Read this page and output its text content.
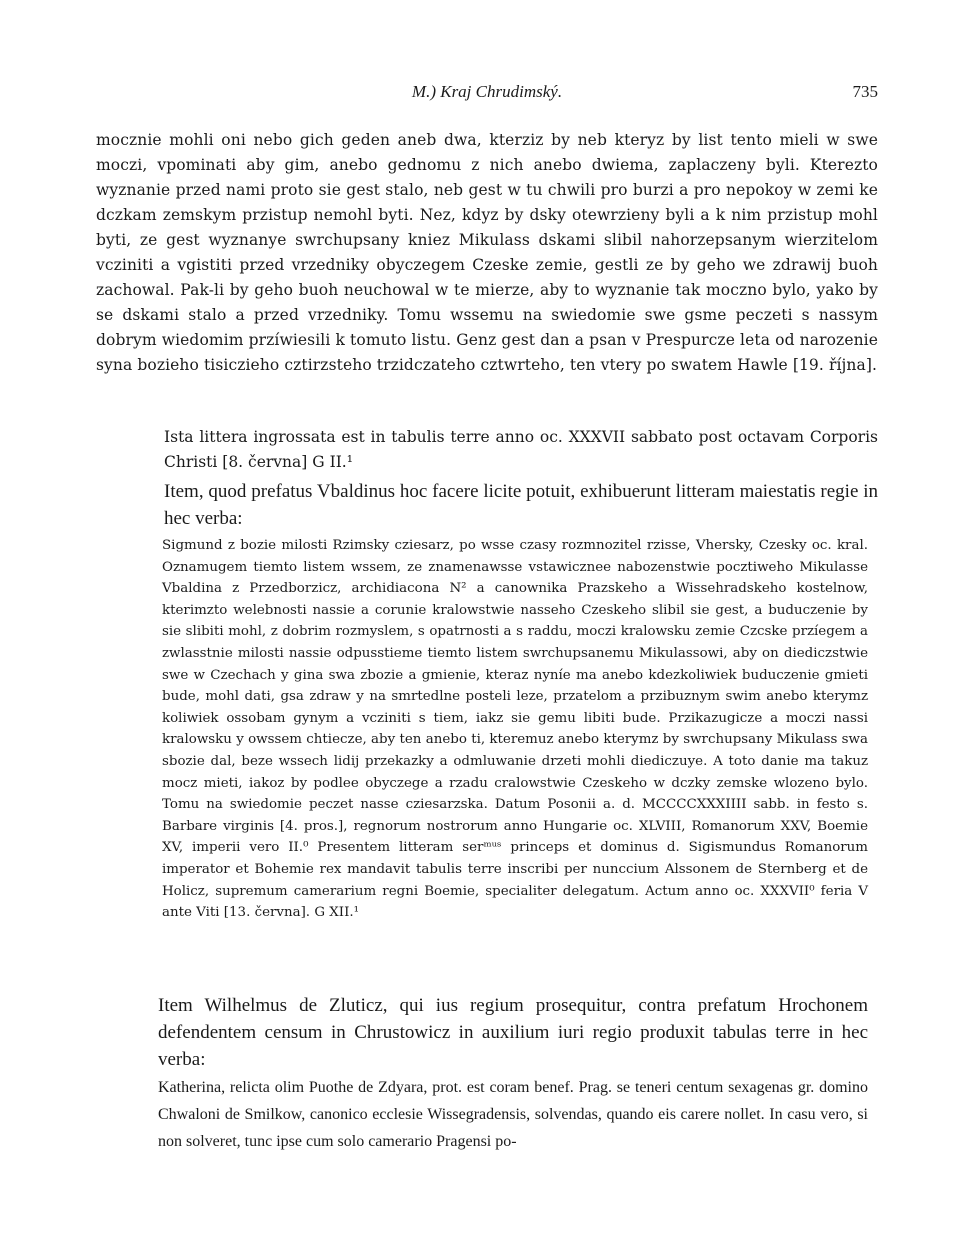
M.) Kraj Chrudimský.	735

mocznie mohli oni nebo gich geden aneb dwa, kterziz by neb kteryz by list tento mieli w swe moczi, vpominati aby gim, anebo gednomu z nich anebo dwiema, zaplaczeny byli. Kterezto wyznanie przed nami proto sie gest stalo, neb gest w tu chwili pro burzi a pro nepokoy w zemi ke dczkam zemskym przistup nemohl byti. Nez, kdyz by dsky otewrzieny byli a k nim przistup mohl byti, ze gest wyznanye swrchupsany kniez Mikulass dskami slibil nahorzepsanym wierzitelom vcziniti a vgistiti przed vrzedniky obyczegem Czeske zemie, gestli ze by geho we zdrawij buoh zachowal. Pak-li by geho buoh neuchowal w te mierze, aby to wyznanie tak moczno bylo, yako by se dskami stalo a przed vrzedniky. Tomu wssemu na swiedomie swe gsme peczeti s nassym dobrym wiedomim przíwiesili k tomuto listu. Genz gest dan a psan v Prespurcze leta od narozenie syna bozieho tisiczieho cztirzsteho trzidczateho cztwrteho, ten vtery po swatem Hawle [19. října].

Ista littera ingrossata est in tabulis terre anno oc. XXXVII sabbato post octavam Corporis Christi [8. června] G II.¹

Item, quod prefatus Vbaldinus hoc facere licite potuit, exhibuerunt litteram maiestatis regie in hec verba:

Sigmund z bozie milosti Rzimsky cziesarz, po wsse czasy rozmnozitel rzisse, Vhersky, Czesky oc. kral. Oznamugem tiemto listem wssem, ze znamenawsse vstawicznee nabozenstwie pocztiweho Mikulasse Vbaldina z Przedborzicz, archidiacona N² a canownika Prazskeho a Wissehradskeho kostelnow, kterimzto welebnosti nassie a corunie kralowstwie nasseho Czeskeho slibil sie gest, a buduczenie by sie slibiti mohl, z dobrim rozmyslem, s opatrnosti a s raddu, moczi kralowsku zemie Czcske przíegem a zwlasstnie milosti nassie odpusstieme tiemto listem swrchupsanemu Mikulassowi, aby on diediczstwie swe w Czechach y gina swa zbozie a gmienie, kteraz nyníe ma anebo kdezkoliwiek buduczenie gmieti bude, mohl dati, gsa zdraw y na smrtedlne posteli leze, przatelom a przibuznym swim anebo kterymz koliwiek ossobam gynym a vcziniti s tiem, iakz sie gemu libiti bude. Przikazugicze a moczi nassi kralowsku y owssem chtiecze, aby ten anebo ti, kteremuz anebo kterymz by swrchupsany Mikulass swa sbozie dal, beze wssech lidij przekazky a odmluwanie drzeti mohli diediczuye. A toto danie ma takuz mocz mieti, iakoz by podlee obyczege a rzadu cralowstwie Czeskeho w dczky zemske wlozeno bylo. Tomu na swiedomie peczet nasse cziesarzska. Datum Posonii a. d. MCCCCXXXIIII sabb. in festo s. Barbare virginis [4. pros.], regnorum nostrorum anno Hungarie oc. XLVIII, Romanorum XXV, Boemie XV, imperii vero II.⁰ Presentem litteram serᵐᵘˢ princeps et dominus d. Sigismundus Romanorum imperator et Bohemie rex mandavit tabulis terre inscribi per nunccium Alssonem de Sternberg et de Holicz, supremum camerarium regni Boemie, specialiter delegatum. Actum anno oc. XXXVII⁰ feria V ante Viti [13. června]. G XII.¹

Item Wilhelmus de Zluticz, qui ius regium prosequitur, contra prefatum Hrochonem defendentem censum in Chrustowicz in auxilium iuri regio produxit tabulas terre in hec verba:

Katherina, relicta olim Puothe de Zdyara, prot. est coram benef. Prag. se teneri centum sexagenas gr. domino Chwaloni de Smilkow, canonico ecclesie Wissegradensis, solvendas, quando eis carere nollet. In casu vero, si non solveret, tunc ipse cum solo camerario Pragensi po-
